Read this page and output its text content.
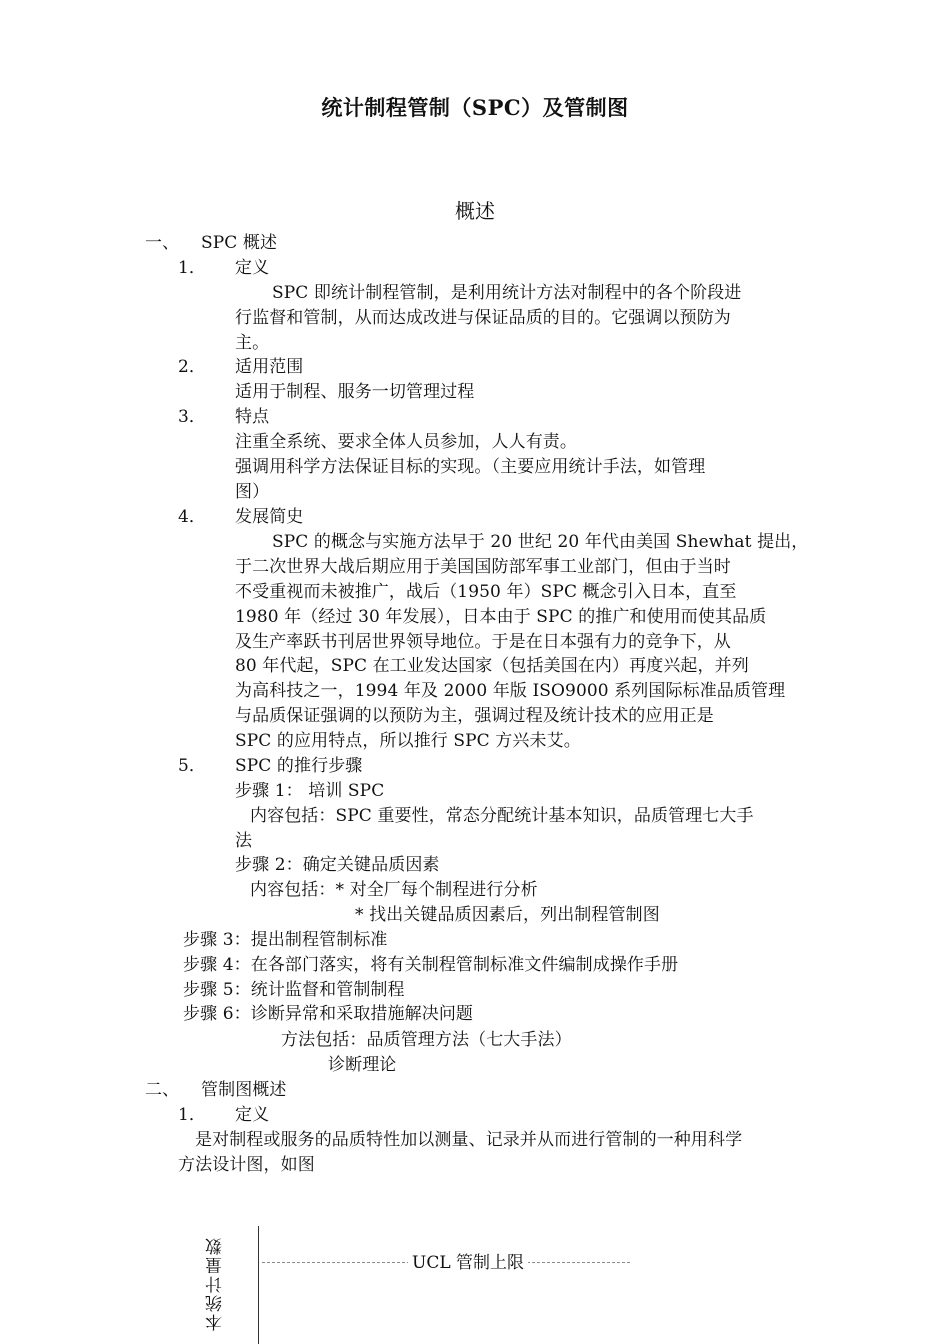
统计制程管制（SPC）及管制图
概述
一、 SPC 概述
1． 定义
SPC 即统计制程管制，是利用统计方法对制程中的各个阶段进
行监督和管制，从而达成改进与保证品质的目的。它强调以预防为
主。
2． 适用范围
适用于制程、服务一切管理过程
3． 特点
注重全系统、要求全体人员参加，人人有责。
强调用科学方法保证目标的实现。（主要应用统计手法，如管理
图）
4． 发展简史
SPC 的概念与实施方法早于 20 世纪 20 年代由美国 Shewhat 提出，
于二次世界大战后期应用于美国国防部军事工业部门，但由于当时
不受重视而未被推广，战后（1950 年）SPC 概念引入日本，直至
1980 年（经过 30 年发展），日本由于 SPC 的推广和使用而使其品质
及生产率跃书刊居世界领导地位。于是在日本强有力的竞争下，从
80 年代起，SPC 在工业发达国家（包括美国在内）再度兴起，并列
为高科技之一，1994 年及 2000 年版 ISO9000 系列国际标准品质管理
与品质保证强调的以预防为主，强调过程及统计技术的应用正是
SPC 的应用特点，所以推行 SPC 方兴未艾。
5． SPC 的推行步骤
步骤 1： 培训 SPC
内容包括：SPC 重要性，常态分配统计基本知识，品质管理七大手
法
步骤 2：确定关键品质因素
内容包括：* 对全厂每个制程进行分析
* 找出关键品质因素后，列出制程管制图
步骤 3：提出制程管制标准
步骤 4：在各部门落实，将有关制程管制标准文件编制成操作手册
步骤 5：统计监督和管制制程
步骤 6：诊断异常和采取措施解决问题
方法包括：品质管理方法（七大手法）
诊断理论
二、 管制图概述
1． 定义
是对制程或服务的品质特性加以测量、记录并从而进行管制的一种用科学
方法设计图，如图
本统计量数	UCL 管制上限
